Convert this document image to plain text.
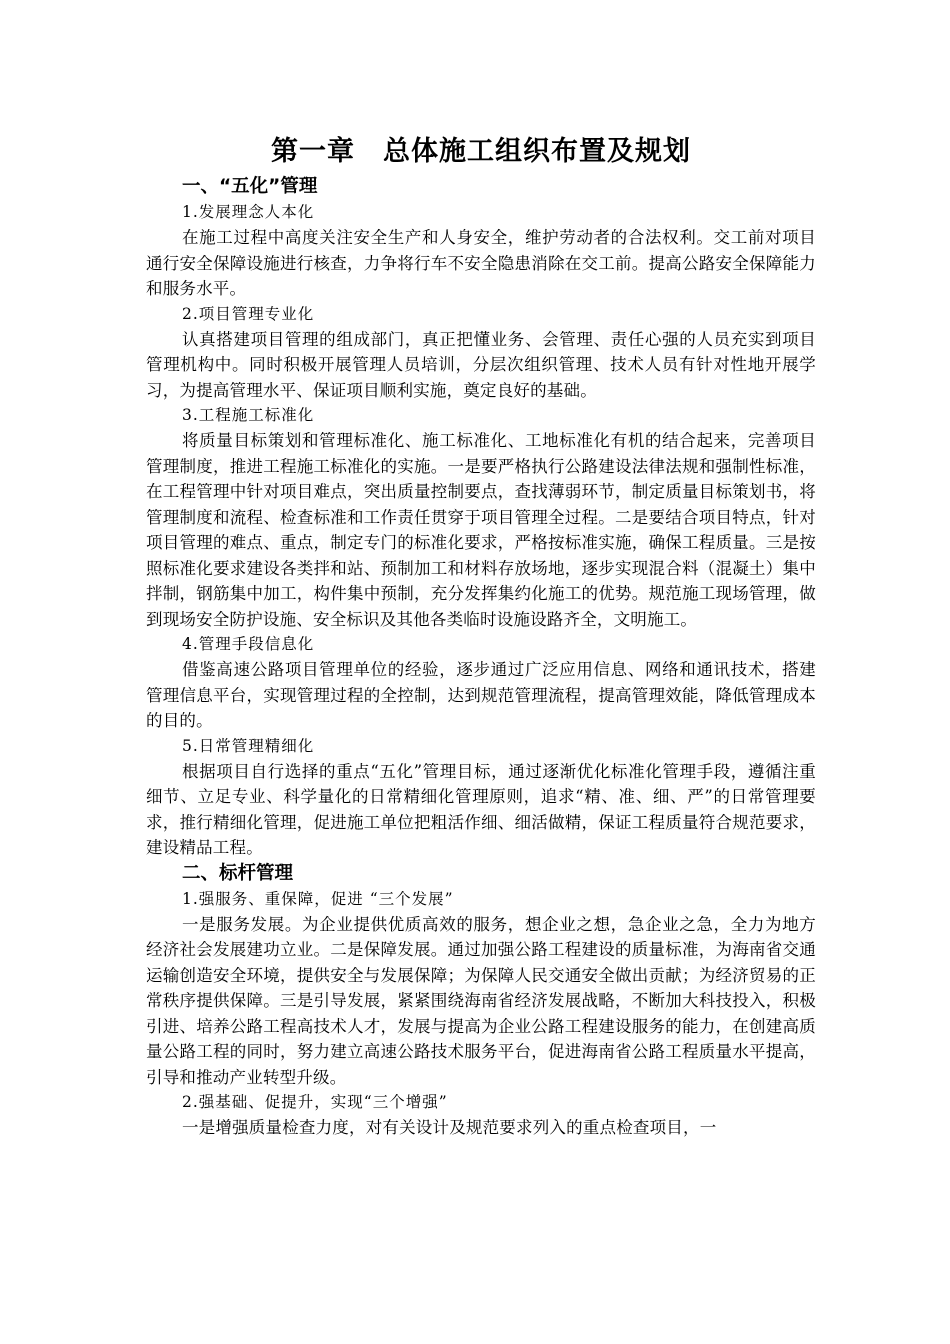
第一章　总体施工组织布置及规划
一、“五化”管理
1.发展理念人本化

在施工过程中高度关注安全生产和人身安全，维护劳动者的合法权利。交工前对项目通行安全保障设施进行核查，力争将行车不安全隐患消除在交工前。提高公路安全保障能力和服务水平。

2.项目管理专业化

认真搭建项目管理的组成部门，真正把懂业务、会管理、责任心强的人员充实到项目管理机构中。同时积极开展管理人员培训，分层次组织管理、技术人员有针对性地开展学习，为提高管理水平、保证项目顺利实施，奠定良好的基础。

3.工程施工标准化

将质量目标策划和管理标准化、施工标准化、工地标准化有机的结合起来，完善项目管理制度，推进工程施工标准化的实施。一是要严格执行公路建设法律法规和强制性标准，在工程管理中针对项目难点，突出质量控制要点，查找薄弱环节，制定质量目标策划书，将管理制度和流程、检查标准和工作责任贯穿于项目管理全过程。二是要结合项目特点，针对项目管理的难点、重点，制定专门的标准化要求，严格按标准实施，确保工程质量。三是按照标准化要求建设各类拌和站、预制加工和材料存放场地，逐步实现混合料（混凝土）集中拌制，钢筋集中加工，构件集中预制，充分发挥集约化施工的优势。规范施工现场管理，做到现场安全防护设施、安全标识及其他各类临时设施设路齐全，文明施工。

4.管理手段信息化

借鉴高速公路项目管理单位的经验，逐步通过广泛应用信息、网络和通讯技术，搭建管理信息平台，实现管理过程的全控制，达到规范管理流程，提高管理效能，降低管理成本的目的。

5.日常管理精细化

根据项目自行选择的重点“五化”管理目标，通过逐渐优化标准化管理手段，遵循注重细节、立足专业、科学量化的日常精细化管理原则，追求“精、准、细、严”的日常管理要求，推行精细化管理，促进施工单位把粗活作细、细活做精，保证工程质量符合规范要求，建设精品工程。

二、标杆管理
1.强服务、重保障，促进 “三个发展”

一是服务发展。为企业提供优质高效的服务，想企业之想，急企业之急，全力为地方经济社会发展建功立业。二是保障发展。通过加强公路工程建设的质量标准，为海南省交通运输创造安全环境，提供安全与发展保障；为保障人民交通安全做出贡献；为经济贸易的正常秩序提供保障。三是引导发展，紧紧围绕海南省经济发展战略，不断加大科技投入，积极引进、培养公路工程高技术人才，发展与提高为企业公路工程建设服务的能力，在创建高质量公路工程的同时，努力建立高速公路技术服务平台，促进海南省公路工程质量水平提高，引导和推动产业转型升级。

2.强基础、促提升，实现“三个增强”

一是增强质量检查力度，对有关设计及规范要求列入的重点检查项目，一
